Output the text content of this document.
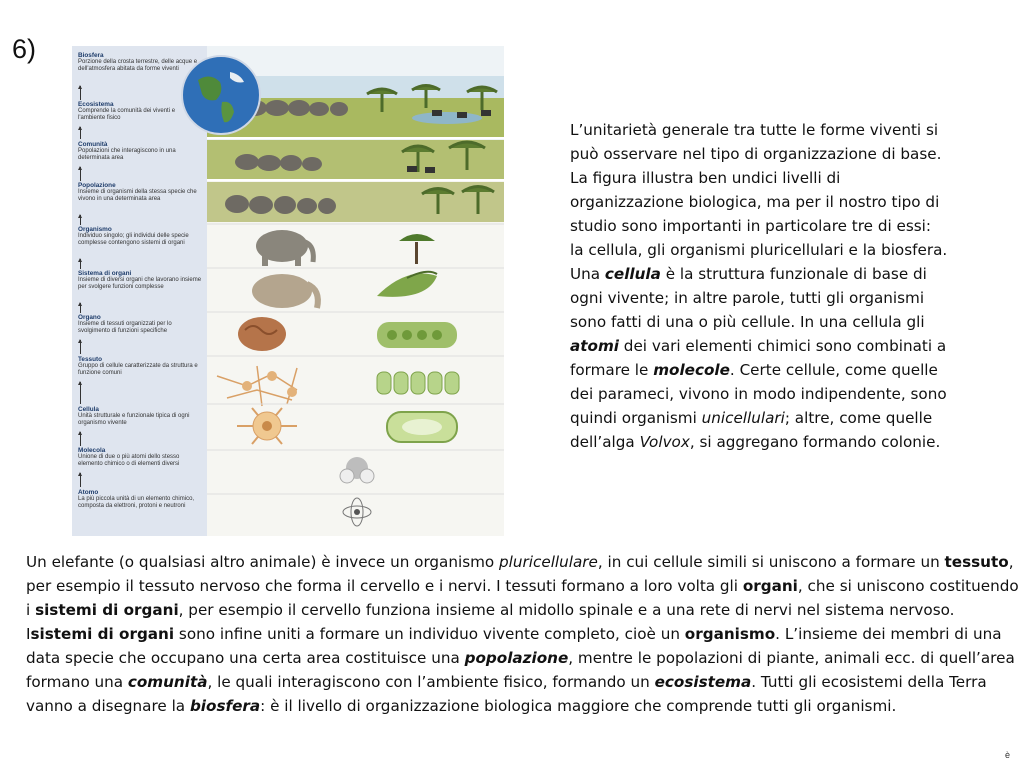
6)	Biosfera
Porzione della crosta terrestre, delle acque e dell'atmosfera abitata da forme viventi
Ecosistema
Comprende la comunità dei viventi e l'ambiente fisico
Comunità
Popolazioni che interagiscono in una determinata area
Popolazione
Insieme di organismi della stessa specie che vivono in una determinata area
Organismo
Individuo singolo; gli individui delle specie complesse contengono sistemi di organi
Sistema di organi
Insieme di diversi organi che lavorano insieme per svolgere funzioni complesse
Organo
Insieme di tessuti organizzati per lo svolgimento di funzioni specifiche
Tessuto
Gruppo di cellule caratterizzate da struttura e funzione comuni
Cellula
Unità strutturale e funzionale tipica di ogni organismo vivente
Molecola
Unione di due o più atomi dello stesso elemento chimico o di elementi diversi
Atomo
La più piccola unità di un elemento chimico, composta da elettroni, protoni e neutroni
L’unitarietà generale tra tutte le forme viventi si può osservare nel tipo di organizzazione di base. La figura illustra ben undici livelli di organizzazione biologica, ma per il nostro tipo di studio sono importanti in particolare tre di essi: la cellula, gli organismi pluricellulari e la biosfera. Una cellula è la struttura funzionale di base di ogni vivente; in altre parole, tutti gli organismi sono fatti di una o più cellule. In una cellula gli atomi dei vari elementi chimici sono combinati a formare le molecole. Certe cellule, come quelle dei parameci, vivono in modo indipendente, sono quindi organismi unicellulari; altre, come quelle dell’alga Volvox, si aggregano formando colonie.
Un elefante (o qualsiasi altro animale) è invece un organismo pluricellulare, in cui cellule simili si uniscono a formare un tessuto, per esempio il tessuto nervoso che forma il cervello e i nervi. I tessuti formano a loro volta gli organi, che si uniscono costituendo i sistemi di organi, per esempio il cervello funziona insieme al midollo spinale e a una rete di nervi nel sistema nervoso. Isistemi di organi sono infine uniti a formare un individuo vivente completo, cioè un organismo. L’insieme dei membri di una data specie che occupano una certa area costituisce una popolazione, mentre le popolazioni di piante, animali ecc. di quell’area formano una comunità, le quali interagiscono con l’ambiente fisico, formando un ecosistema. Tutti gli ecosistemi della Terra vanno a disegnare la biosfera: è il livello di organizzazione biologica maggiore che comprende tutti gli organismi.
è
